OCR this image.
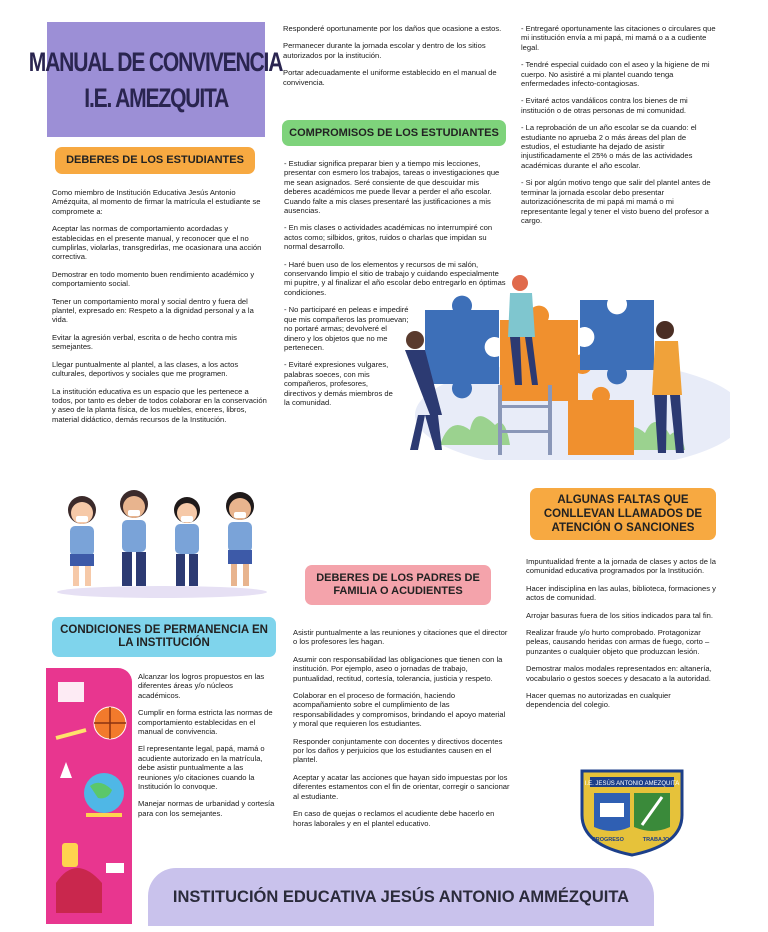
MANUAL DE CONVIVENCIA
I.E. AMEZQUITA
DEBERES DE LOS ESTUDIANTES

Como miembro de Institución Educativa Jesús Antonio Amézquita, al momento de firmar la matrícula el estudiante se compromete a:

Aceptar las normas de comportamiento acordadas y establecidas en el presente manual, y reconocer que el no cumplirlas, violarlas, transgredirlas, me ocasionara una acción correctiva.

Demostrar en todo momento buen rendimiento académico y comportamiento social.

Tener un comportamiento moral y social dentro y fuera del plantel, expresado en: Respeto a la dignidad personal y a la vida.

Evitar la agresión verbal, escrita o de hecho contra mis semejantes.

Llegar puntualmente al plantel, a las clases, a los actos culturales, deportivos y sociales que me programen.

La institución educativa es un espacio que les pertenece a todos, por tanto es deber de todos colaborar en la conservación y aseo de la planta física, de los muebles, enceres, libros, material didáctico, demás recursos de la Institución.

Responderé oportunamente por los daños que ocasione a estos.

Permanecer durante la jornada escolar y dentro de los sitios autorizados por la institución.

Portar adecuadamente el uniforme establecido en el manual de convivencia.

COMPROMISOS DE LOS ESTUDIANTES

- Estudiar significa preparar bien y a tiempo mis lecciones, presentar con esmero los trabajos, tareas o investigaciones que me sean asignados. Seré consiente de que descuidar mis deberes académicos me puede llevar a perder el año escolar. Cuando falte a mis clases presentaré las justificaciones a mis ausencias.

- En mis clases o actividades académicas no interrumpiré con actos como; silbidos, gritos, ruidos o charlas que impidan su normal desarrollo.

- Haré buen uso de los elementos y recursos de mi salón, conservando limpio el sitio de trabajo y cuidando especialmente mi pupitre, y al finalizar el año escolar debo entregarlo en óptimas condiciones.

- No participaré en peleas e impediré que mis compañeros las promuevan; no portaré armas; devolveré el dinero y los objetos que no me pertenecen.

- Evitaré expresiones vulgares, palabras soeces, con mis compañeros, profesores, directivos y demás miembros de la comunidad.

- Entregaré oportunamente las citaciones o circulares que mi institución envía a mi papá, mi mamá o a a cudiente legal.

- Tendré especial cuidado con el aseo y la higiene de mi cuerpo. No asistiré a mi plantel cuando tenga enfermedades infecto-contagiosas.

- Evitaré actos vandálicos contra los bienes de mi institución o de otras personas de mi comunidad.

- La reprobación de un año escolar se da cuando: el estudiante no aprueba 2 o más áreas del plan de estudios, el estudiante ha dejado de asistir injustificadamente el 25% o más de las actividades académicas durante el año escolar.

- Si por algún motivo tengo que salir del plantel antes de terminar la jornada escolar debo presentar autorizaciónescrita de mi papá mi mamá o mi representante legal y tener el visto bueno del profesor a cargo.

ALGUNAS FALTAS QUE CONLLEVAN LLAMADOS DE ATENCIÓN O SANCIONES

Impuntualidad frente a la jornada de clases y actos de la comunidad educativa programados por la Institución.

Hacer indisciplina en las aulas, biblioteca, formaciones y actos de comunidad.

Arrojar basuras fuera de los sitios indicados para tal fin.

Realizar fraude y/o hurto comprobado. Protagonizar peleas, causando heridas con armas de fuego, corto – punzantes o cualquier objeto que produzcan lesión.

Demostrar malos modales representados en: altanería, vocabulario o gestos soeces y desacato a la autoridad.

Hacer quemas no autorizadas en cualquier dependencia del colegio.

DEBERES DE LOS PADRES DE FAMILIA O ACUDIENTES

Asistir puntualmente a las reuniones y citaciones que el director o los profesores les hagan.

Asumir con responsabilidad las obligaciones que tienen con la institución. Por ejemplo, aseo o jornadas de trabajo, puntualidad, rectitud, cortesía, tolerancia, justicia y respeto.

Colaborar en el proceso de formación, haciendo acompañamiento sobre el cumplimiento de las responsabilidades y compromisos, brindando el apoyo material y moral que requieren los estudiantes.

Responder conjuntamente con docentes y directivos docentes por los daños y perjuicios que los estudiantes causen en el plantel.

Aceptar y acatar las acciones que hayan sido impuestas por los diferentes estamentos con el fin de orientar, corregir o sancionar al estudiante.

En caso de quejas o reclamos el acudiente debe hacerlo en horas laborales y en el plantel educativo.

CONDICIONES DE PERMANENCIA EN LA INSTITUCIÓN

Alcanzar los logros propuestos en las diferentes áreas y/o núcleos académicos.

Cumplir en forma estricta las normas de comportamiento establecidas en el manual de convivencia.

El representante legal, papá, mamá o acudiente autorizado en la matrícula, debe asistir puntualmente a las reuniones y/o citaciones cuando la Institución lo convoque.

Manejar normas de urbanidad y cortesía para con los semejantes.

I.E. JESÚS ANTONIO AMEZQUITA
PROGRESO	TRABAJO
INSTITUCIÓN EDUCATIVA JESÚS ANTONIO AMMÉZQUITA
